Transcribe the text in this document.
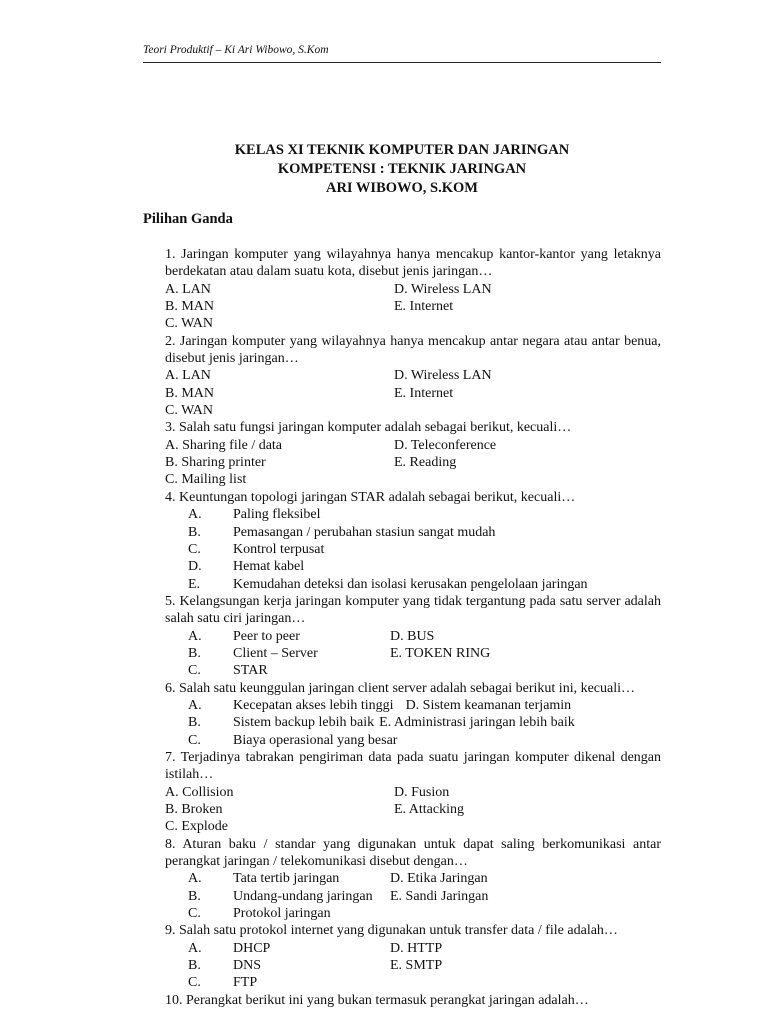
Teori Produktif – Ki Ari Wibowo, S.Kom
KELAS XI TEKNIK KOMPUTER DAN JARINGAN
KOMPETENSI : TEKNIK JARINGAN
ARI WIBOWO, S.KOM
Pilihan Ganda
1. Jaringan komputer yang wilayahnya hanya mencakup kantor-kantor yang letaknya berdekatan atau dalam suatu kota, disebut jenis jaringan…
A. LAN	D. Wireless LAN
B. MAN	E. Internet
C. WAN
2. Jaringan komputer yang wilayahnya hanya mencakup antar negara atau antar benua, disebut jenis jaringan…
A. LAN	D. Wireless LAN
B. MAN	E. Internet
C. WAN
3. Salah satu fungsi jaringan komputer adalah sebagai berikut, kecuali…
A. Sharing file / data	D. Teleconference
B. Sharing printer	E. Reading
C. Mailing list
4. Keuntungan topologi jaringan STAR adalah sebagai berikut, kecuali…
A.	Paling fleksibel
B.	Pemasangan / perubahan stasiun sangat mudah
C.	Kontrol terpusat
D.	Hemat kabel
E.	Kemudahan deteksi dan isolasi kerusakan pengelolaan jaringan
5. Kelangsungan kerja jaringan komputer yang tidak tergantung pada satu server adalah salah satu ciri jaringan…
A.	Peer to peer	D. BUS
B.	Client – Server	E. TOKEN RING
C.	STAR
6. Salah satu keunggulan jaringan client server adalah sebagai berikut ini, kecuali…
A.	Kecepatan akses lebih tinggi D. Sistem keamanan terjamin
B.	Sistem backup lebih baik E. Administrasi jaringan lebih baik
C.	Biaya operasional yang besar
7. Terjadinya tabrakan pengiriman data pada suatu jaringan komputer dikenal dengan istilah…
A. Collision	D. Fusion
B. Broken	E. Attacking
C. Explode
8. Aturan baku / standar yang digunakan untuk dapat saling berkomunikasi antar perangkat jaringan / telekomunikasi disebut dengan…
A.	Tata tertib jaringan	D. Etika Jaringan
B.	Undang-undang jaringan	E. Sandi Jaringan
C.	Protokol jaringan
9. Salah satu protokol internet yang digunakan untuk transfer data / file adalah…
A.	DHCP	D. HTTP
B.	DNS	E. SMTP
C.	FTP
10. Perangkat berikut ini yang bukan termasuk perangkat jaringan adalah…
